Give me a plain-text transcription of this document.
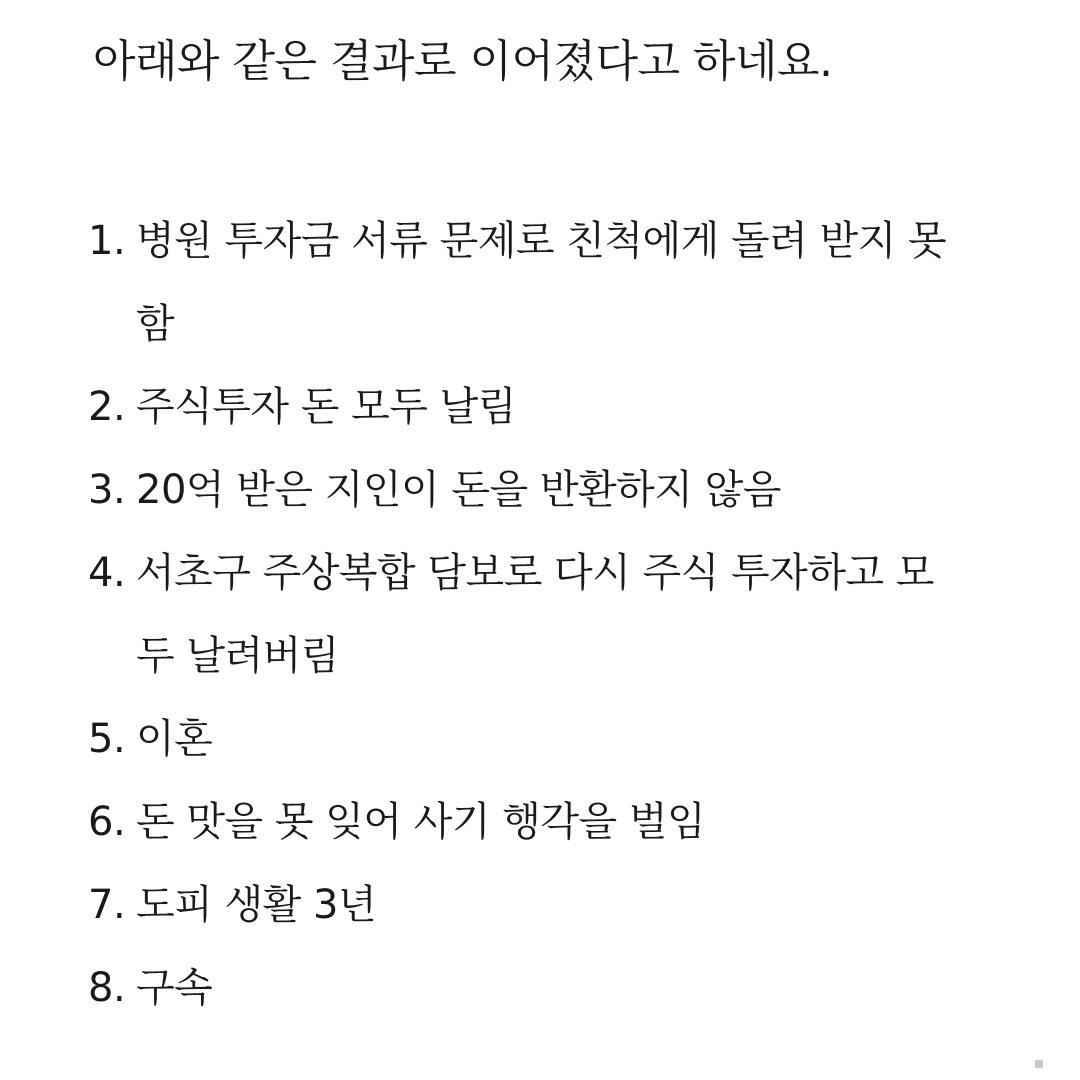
아래와 같은 결과로 이어졌다고 하네요.
1. 병원 투자금 서류 문제로 친척에게 돌려 받지 못함
2. 주식투자 돈 모두 날림
3. 20억 받은 지인이 돈을 반환하지 않음
4. 서초구 주상복합 담보로 다시 주식 투자하고 모두 날려버림
5. 이혼
6. 돈 맛을 못 잊어 사기 행각을 벌임
7. 도피 생활 3년
8. 구속
